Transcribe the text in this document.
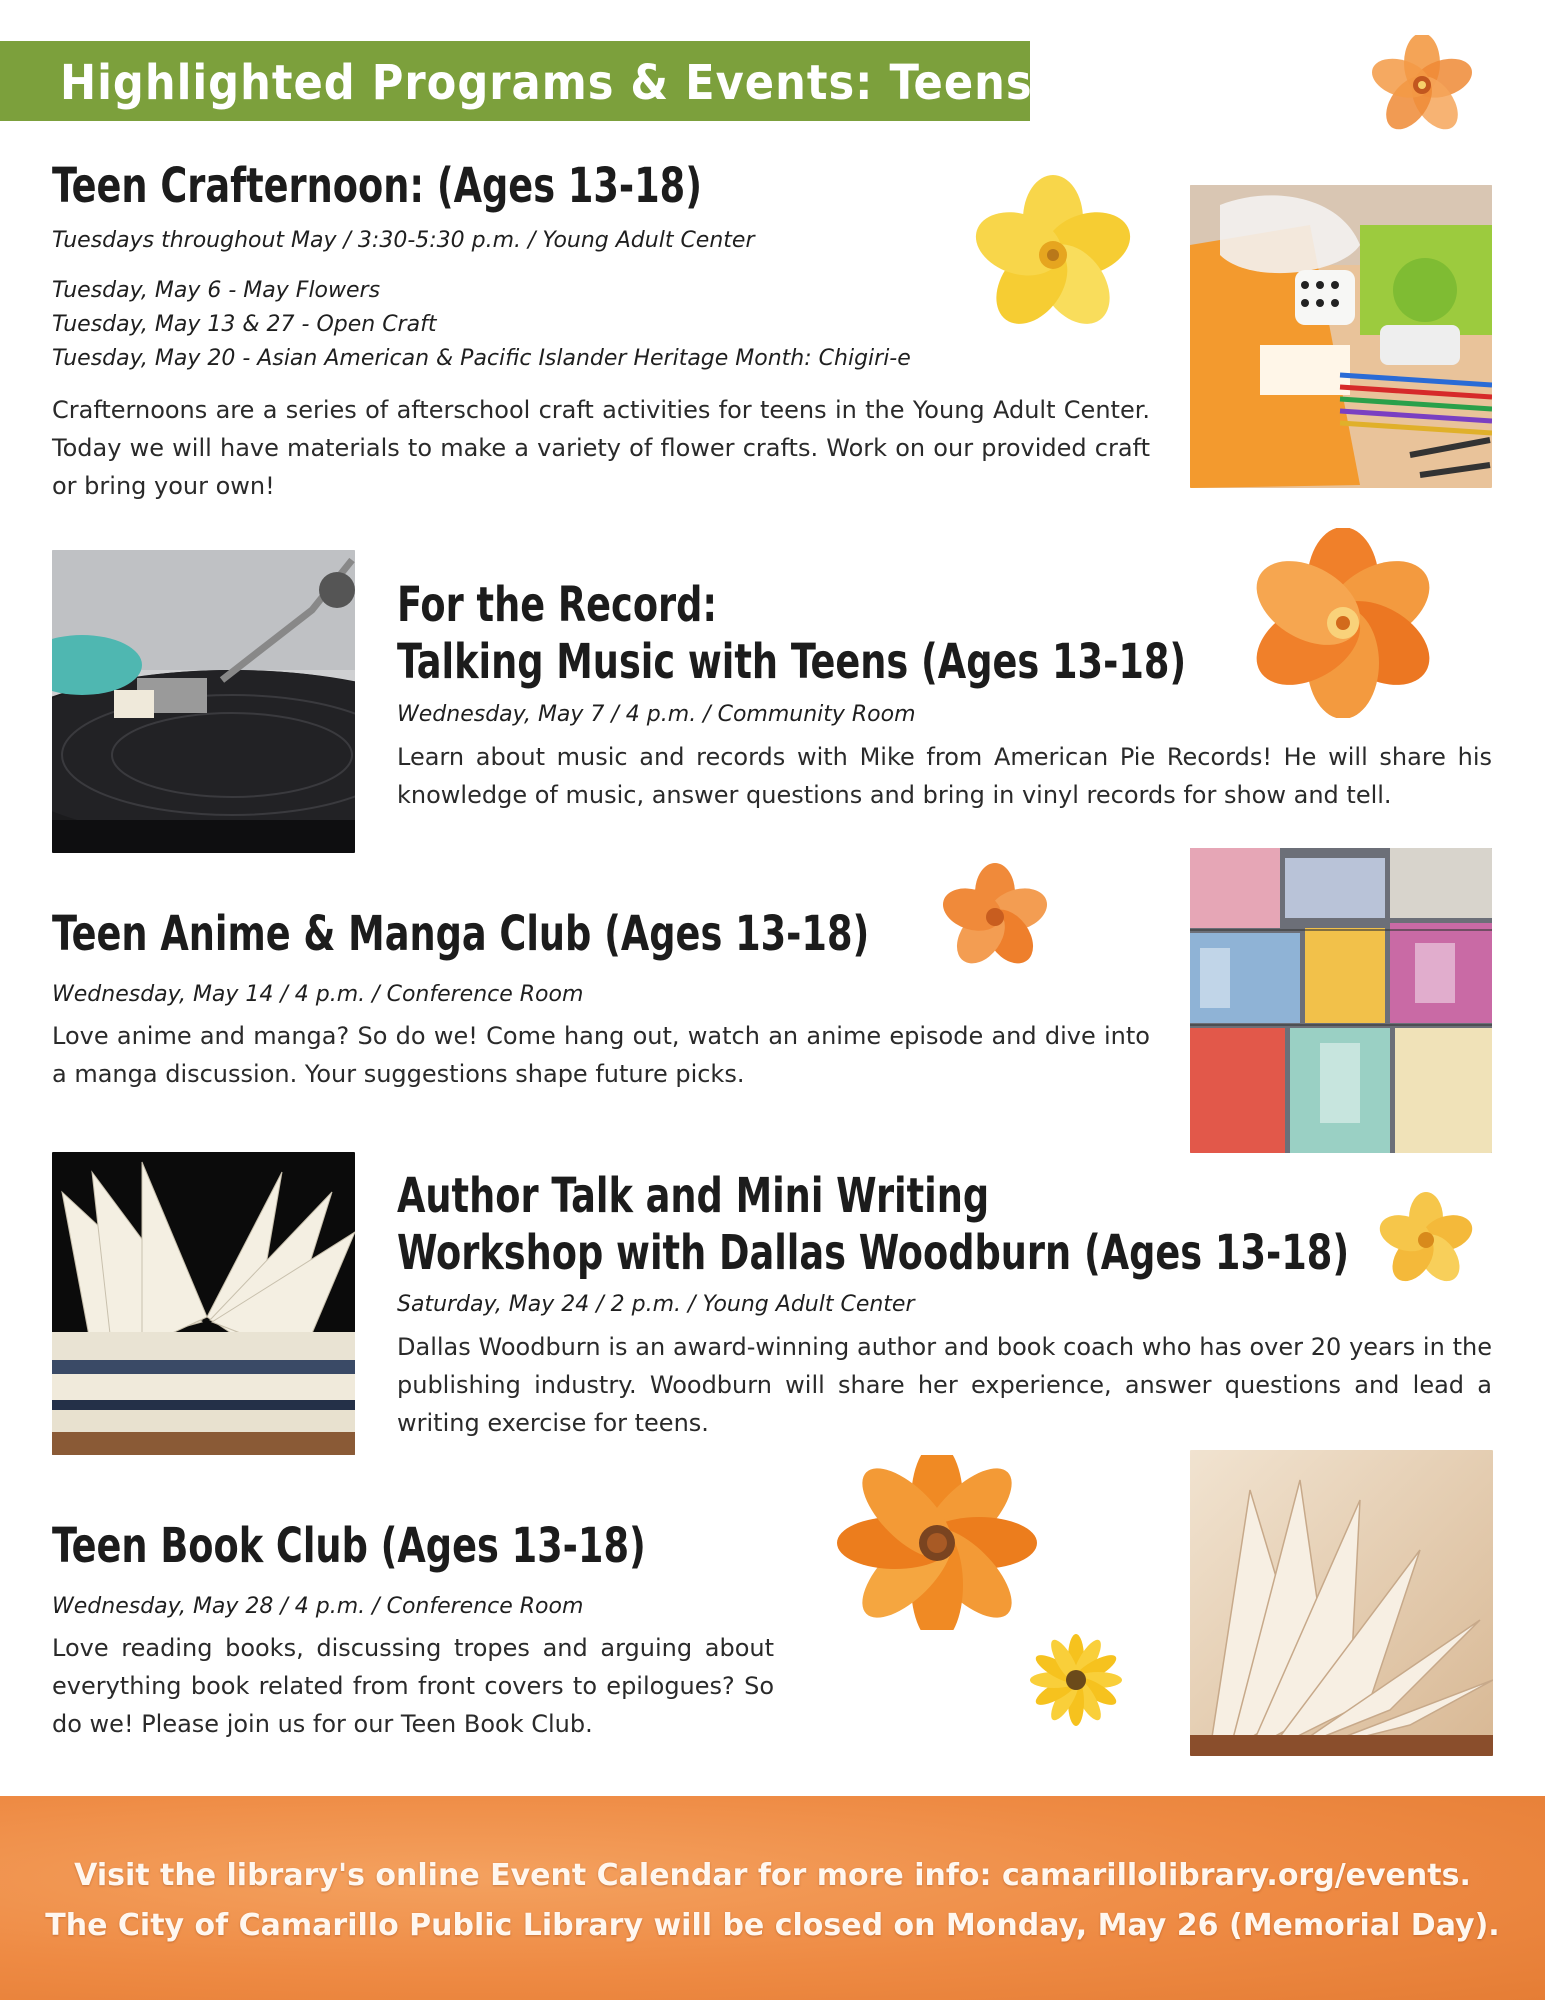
Highlighted Programs & Events: Teens
Teen Crafternoon: (Ages 13-18)
Tuesdays throughout May / 3:30-5:30 p.m. / Young Adult Center
Tuesday, May 6 - May Flowers
Tuesday, May 13 & 27 - Open Craft
Tuesday, May 20 - Asian American & Pacific Islander Heritage Month: Chigiri-e
Crafternoons are a series of afterschool craft activities for teens in the Young Adult Center. Today we will have materials to make a variety of flower crafts. Work on our provided craft or bring your own!
For the Record:
Talking Music with Teens (Ages 13-18)
Wednesday, May 7 / 4 p.m. / Community Room
Learn about music and records with Mike from American Pie Records! He will share his knowledge of music, answer questions and bring in vinyl records for show and tell.
Teen Anime & Manga Club (Ages 13-18)
Wednesday, May 14 / 4 p.m. / Conference Room
Love anime and manga? So do we! Come hang out, watch an anime episode and dive into a manga discussion. Your suggestions shape future picks.
Author Talk and Mini Writing
Workshop with Dallas Woodburn (Ages 13-18)
Saturday, May 24 / 2 p.m. / Young Adult Center
Dallas Woodburn is an award-winning author and book coach who has over 20 years in the publishing industry. Woodburn will share her experience, answer questions and lead a writing exercise for teens.
Teen Book Club (Ages 13-18)
Wednesday, May 28 / 4 p.m. / Conference Room
Love reading books, discussing tropes and arguing about everything book related from front covers to epilogues? So do we! Please join us for our Teen Book Club.
Visit the library's online Event Calendar for more info: camarillolibrary.org/events.
The City of Camarillo Public Library will be closed on Monday, May 26 (Memorial Day).
